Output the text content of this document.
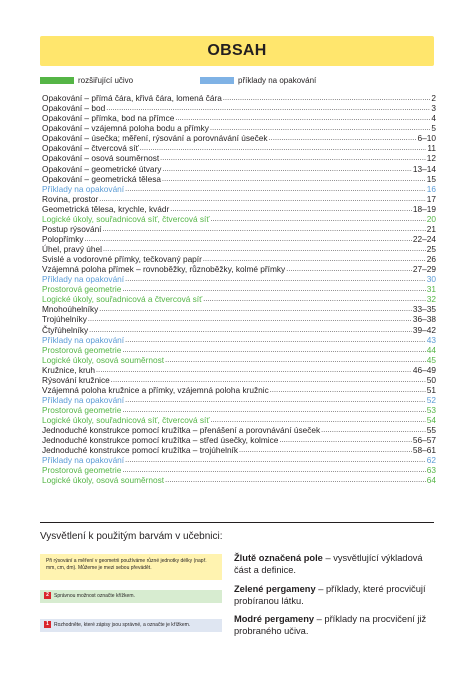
OBSAH
rozšiřující učivo	příklady na opakování
Opakování – přímá čára, křivá čára, lomená čára .....	2
Opakování – bod .....	3
Opakování – přímka, bod na přímce .....	4
Opakování – vzájemná poloha bodu a přímky .....	5
Opakování – úsečka; měření, rýsování a porovnávání úseček .....	6–10
Opakování – čtvercová síť .....	11
Opakování – osová souměrnost .....	12
Opakování – geometrické útvary .....	13–14
Opakování – geometrická tělesa .....	15
Příklady na opakování .....	16
Rovina, prostor .....	17
Geometrická tělesa, krychle, kvádr .....	18–19
Logické úkoly, souřadnicová síť, čtvercová síť .....	20
Postup rýsování .....	21
Polopřímky .....	22–24
Úhel, pravý úhel .....	25
Svislé a vodorovné přímky, tečkovaný papír .....	26
Vzájemná poloha přímek – rovnoběžky, různoběžky, kolmé přímky .....	27–29
Příklady na opakování .....	30
Prostorová geometrie .....	31
Logické úkoly, souřadnicová a čtvercová síť .....	32
Mnohoúhelníky .....	33–35
Trojúhelníky .....	36–38
Čtyřúhelníky .....	39–42
Příklady na opakování .....	43
Prostorová geometrie .....	44
Logické úkoly, osová souměrnost .....	45
Kružnice, kruh .....	46–49
Rýsování kružnice .....	50
Vzájemná poloha kružnice a přímky, vzájemná poloha kružnic .....	51
Příklady na opakování .....	52
Prostorová geometrie .....	53
Logické úkoly, souřadnicová síť, čtvercová síť .....	54
Jednoduché konstrukce pomocí kružítka – přenášení a porovnávání úseček .....	55
Jednoduché konstrukce pomocí kružítka – střed úsečky, kolmice .....	56–57
Jednoduché konstrukce pomocí kružítka – trojúhelník .....	58–61
Příklady na opakování .....	62
Prostorová geometrie .....	63
Logické úkoly, osová souměrnost .....	64
Vysvětlení k použitým barvám v učebnici:
Při rýsování a měření v geometrii používáme různé jednotky délky (např. mm, cm, dm). Můžeme je mezi sebou převádět.
2 Správnou možnost označte křížkem.
1 Rozhodněte, které zápisy jsou správné, a označte je křížkem.
Žlutě označená pole – vysvětlující výkladová část a definice.
Zelené pergameny – příklady, které procvičují probíranou látku.
Modré pergameny – příklady na procvičení již probraného učiva.
